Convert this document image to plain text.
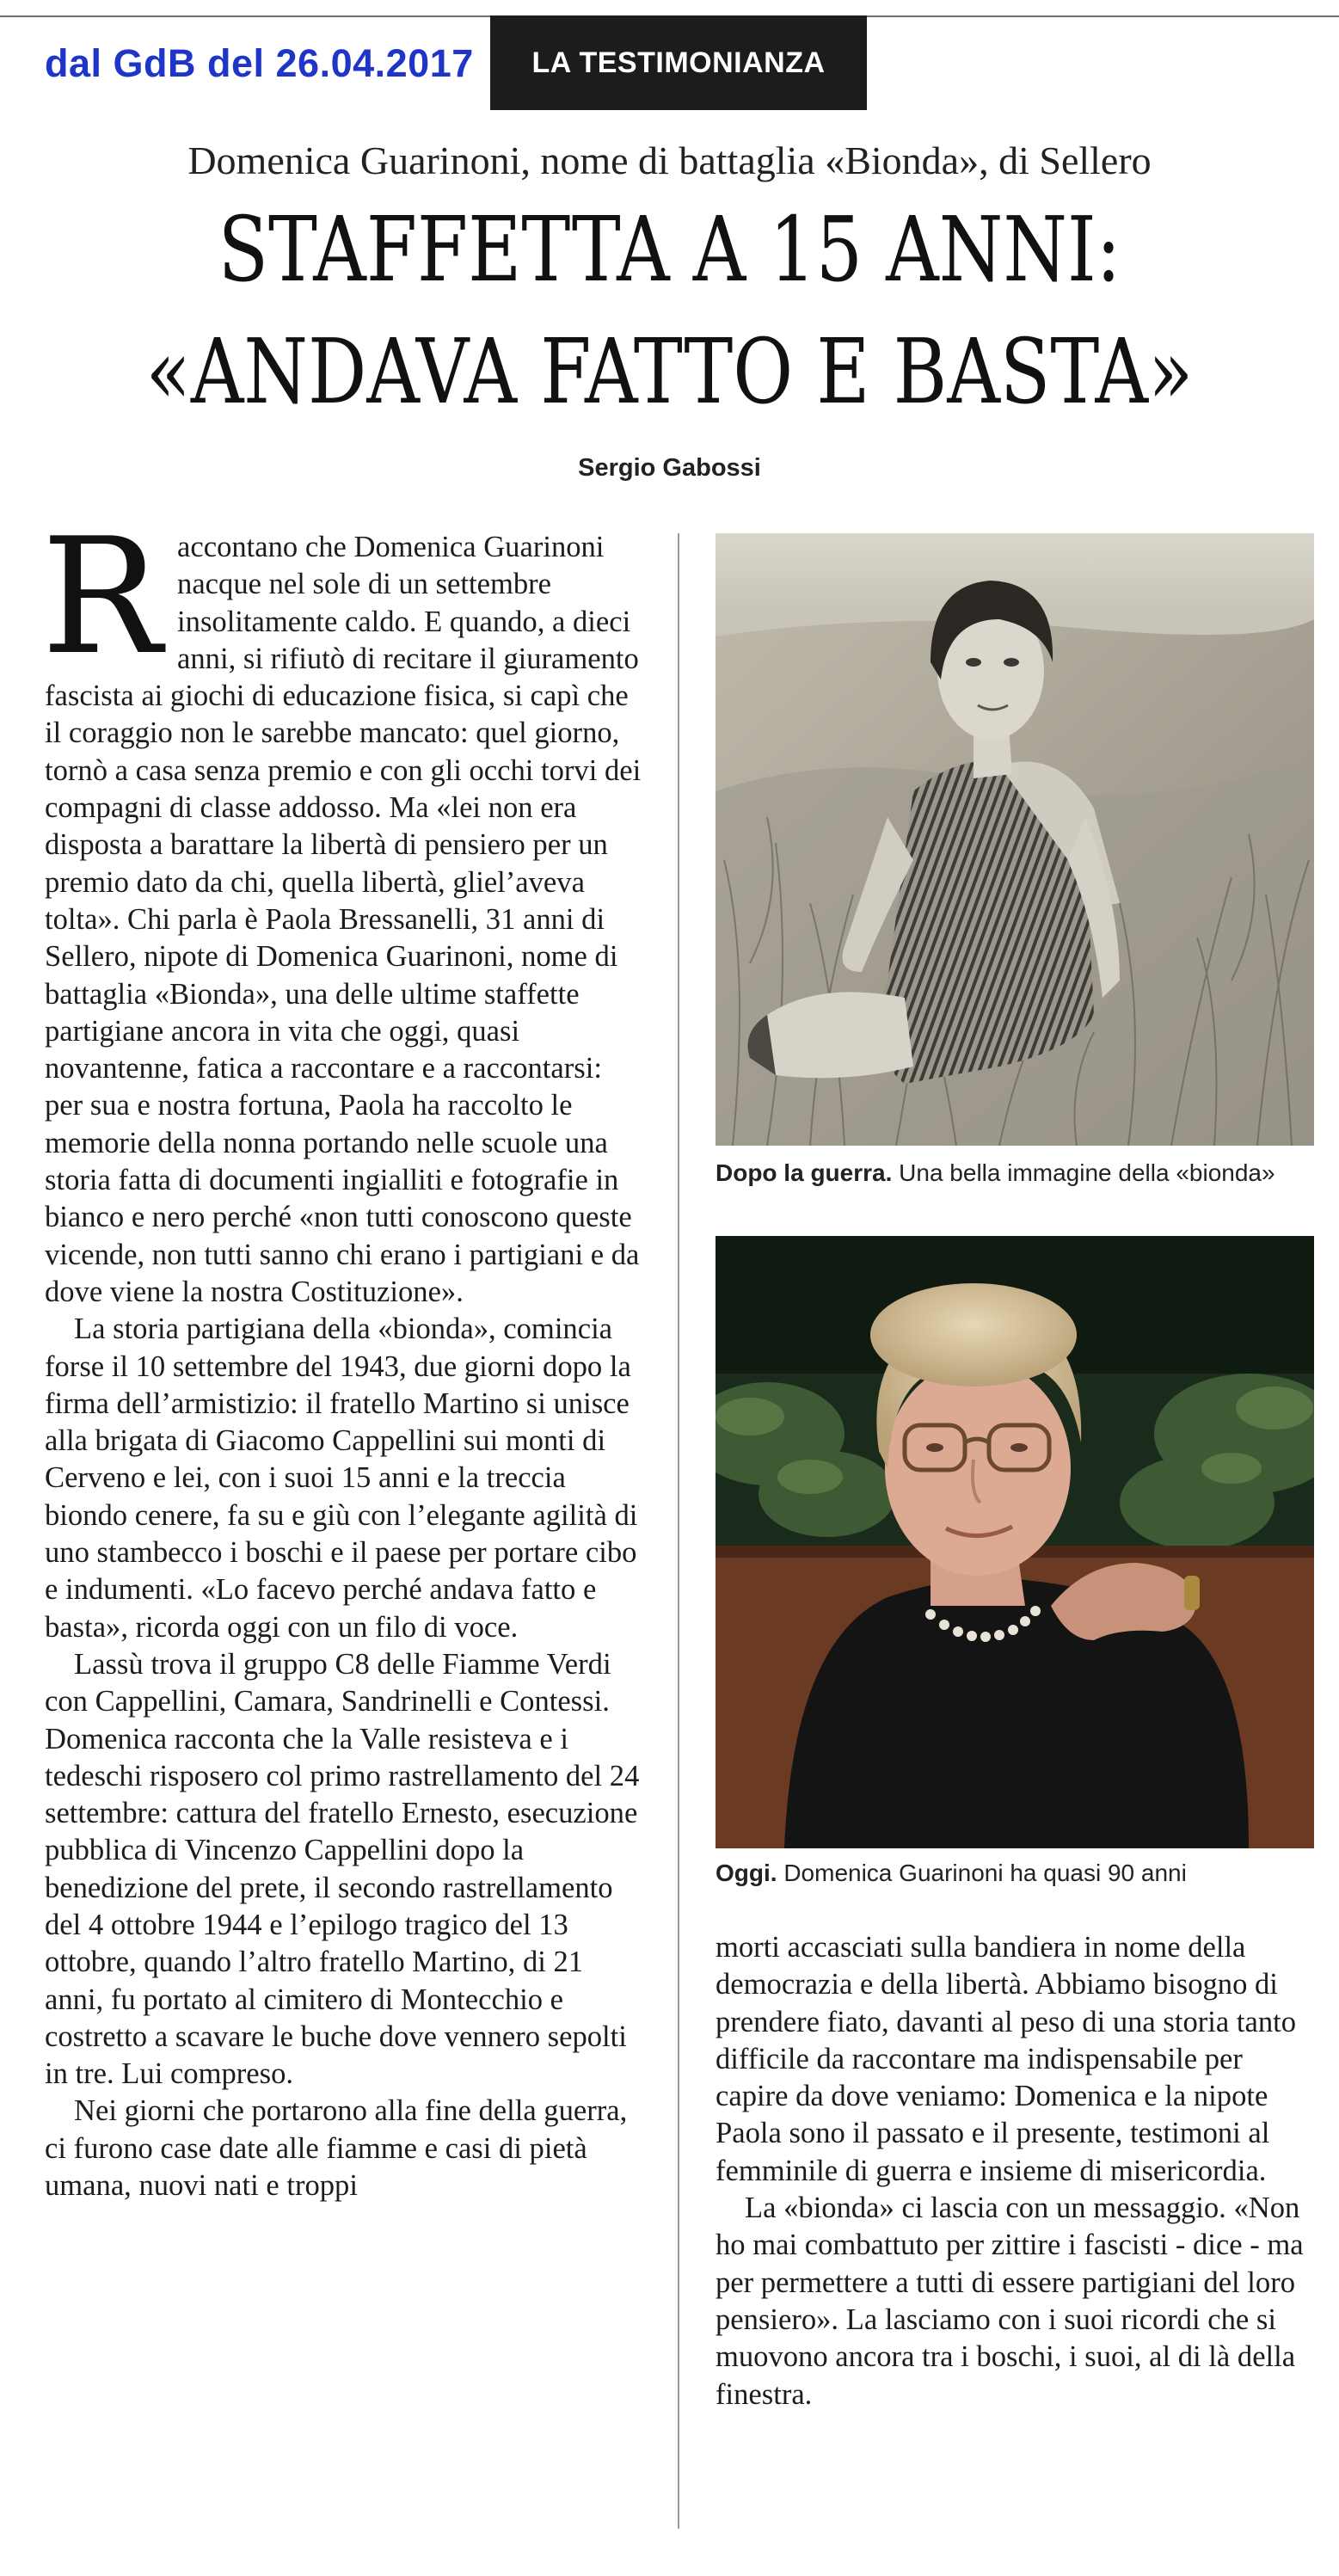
dal GdB del 26.04.2017	LA TESTIMONIANZA
Domenica Guarinoni, nome di battaglia «Bionda», di Sellero
STAFFETTA A 15 ANNI:
«ANDAVA FATTO E BASTA»
Sergio Gabossi

Raccontano che Domenica Guarinoni nacque nel sole di un settembre insolitamente caldo. E quando, a dieci anni, si rifiutò di recitare il giuramento fascista ai giochi di educazione fisica, si capì che il coraggio non le sarebbe mancato: quel giorno, tornò a casa senza premio e con gli occhi torvi dei compagni di classe addosso. Ma «lei non era disposta a barattare la libertà di pensiero per un premio dato da chi, quella libertà, gliel’aveva tolta». Chi parla è Paola Bressanelli, 31 anni di Sellero, nipote di Domenica Guarinoni, nome di battaglia «Bionda», una delle ultime staffette partigiane ancora in vita che oggi, quasi novantenne, fatica a raccontare e a raccontarsi: per sua e nostra fortuna, Paola ha raccolto le memorie della nonna portando nelle scuole una storia fatta di documenti ingialliti e fotografie in bianco e nero perché «non tutti conoscono queste vicende, non tutti sanno chi erano i partigiani e da dove viene la nostra Costituzione».

La storia partigiana della «bionda», comincia forse il 10 settembre del 1943, due giorni dopo la firma dell’armistizio: il fratello Martino si unisce alla brigata di Giacomo Cappellini sui monti di Cerveno e lei, con i suoi 15 anni e la treccia biondo cenere, fa su e giù con l’elegante agilità di uno stambecco i boschi e il paese per portare cibo e indumenti. «Lo facevo perché andava fatto e basta», ricorda oggi con un filo di voce.

Lassù trova il gruppo C8 delle Fiamme Verdi con Cappellini, Camara, Sandrinelli e Contessi. Domenica racconta che la Valle resisteva e i tedeschi risposero col primo rastrellamento del 24 settembre: cattura del fratello Ernesto, esecuzione pubblica di Vincenzo Cappellini dopo la benedizione del prete, il secondo rastrellamento del 4 ottobre 1944 e l’epilogo tragico del 13 ottobre, quando l’altro fratello Martino, di 21 anni, fu portato al cimitero di Montecchio e costretto a scavare le buche dove vennero sepolti in tre. Lui compreso.

Nei giorni che portarono alla fine della guerra, ci furono case date alle fiamme e casi di pietà umana, nuovi nati e troppi

Dopo la guerra. Una bella immagine della «bionda»
Oggi. Domenica Guarinoni ha quasi 90 anni

morti accasciati sulla bandiera in nome della democrazia e della libertà. Abbiamo bisogno di prendere fiato, davanti al peso di una storia tanto difficile da raccontare ma indispensabile per capire da dove veniamo: Domenica e la nipote Paola sono il passato e il presente, testimoni al femminile di guerra e insieme di misericordia.

La «bionda» ci lascia con un messaggio. «Non ho mai combattuto per zittire i fascisti - dice - ma per permettere a tutti di essere partigiani del loro pensiero». La lasciamo con i suoi ricordi che si muovono ancora tra i boschi, i suoi, al di là della finestra.
